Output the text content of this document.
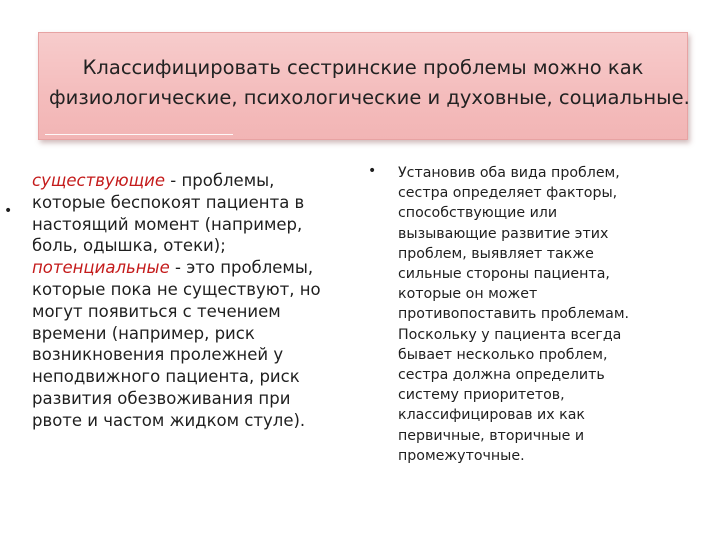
Классифицировать сестринские проблемы можно как
физиологические, психологические и духовные, социальные.
•

существующие - проблемы,
которые беспокоят пациента в
настоящий момент (например,
боль, одышка, отеки);

потенциальные - это проблемы,
которые пока не существуют, но
могут появиться с течением
времени (например, риск
возникновения пролежней у
неподвижного пациента, риск
развития обезвоживания при
рвоте и частом жидком стуле).

• Установив оба вида проблем,
сестра определяет факторы,
способствующие или
вызывающие развитие этих
проблем, выявляет также
сильные стороны пациента,
которые он может
противопоставить проблемам.
Поскольку у пациента всегда
бывает несколько проблем,
сестра должна определить
систему приоритетов,
классифицировав их как
первичные, вторичные и
промежуточные.
